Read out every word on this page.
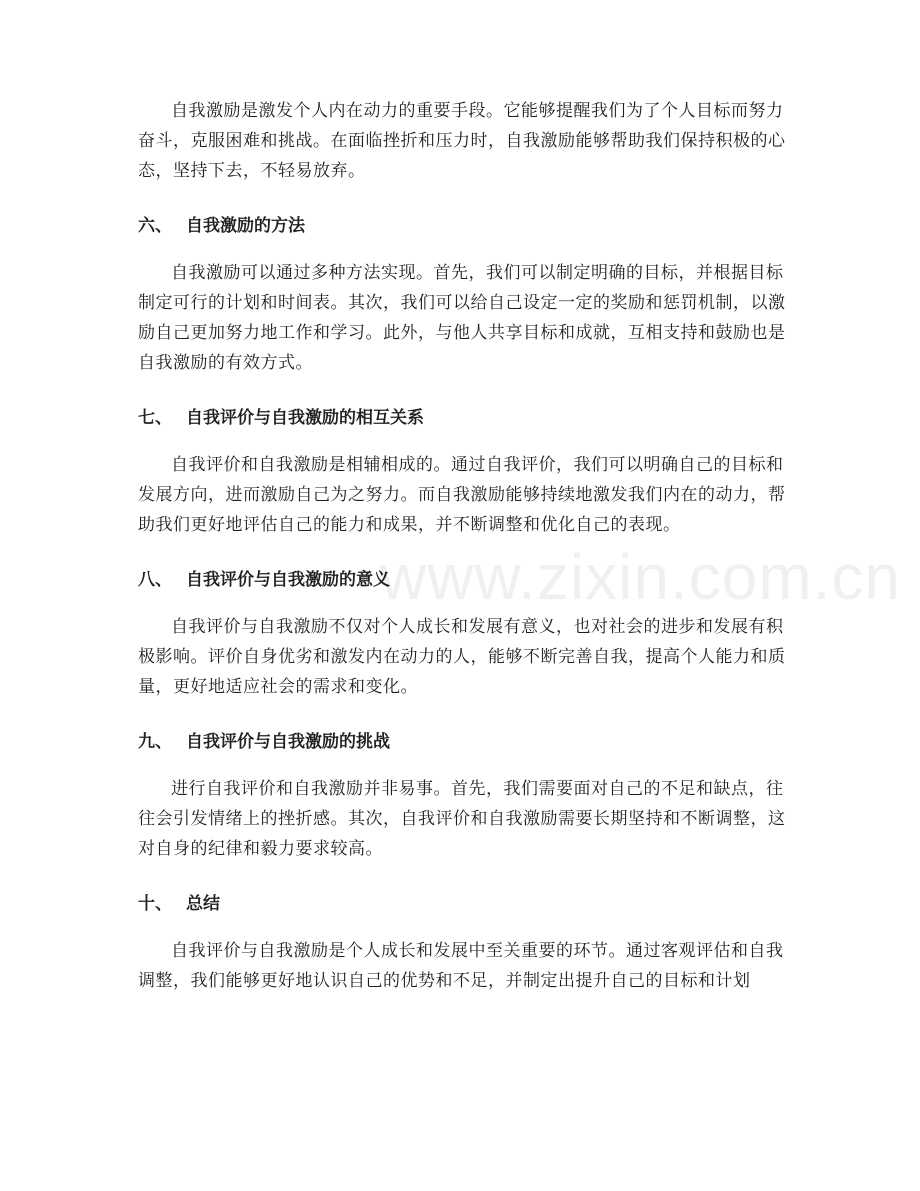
www.zixin.com.cn

自我激励是激发个人内在动力的重要手段。它能够提醒我们为了个人目标而努力奋斗，克服困难和挑战。在面临挫折和压力时，自我激励能够帮助我们保持积极的心态，坚持下去，不轻易放弃。

六、 自我激励的方法

自我激励可以通过多种方法实现。首先，我们可以制定明确的目标，并根据目标制定可行的计划和时间表。其次，我们可以给自己设定一定的奖励和惩罚机制，以激励自己更加努力地工作和学习。此外，与他人共享目标和成就，互相支持和鼓励也是自我激励的有效方式。

七、 自我评价与自我激励的相互关系

自我评价和自我激励是相辅相成的。通过自我评价，我们可以明确自己的目标和发展方向，进而激励自己为之努力。而自我激励能够持续地激发我们内在的动力，帮助我们更好地评估自己的能力和成果，并不断调整和优化自己的表现。

八、 自我评价与自我激励的意义

自我评价与自我激励不仅对个人成长和发展有意义，也对社会的进步和发展有积极影响。评价自身优劣和激发内在动力的人，能够不断完善自我，提高个人能力和质量，更好地适应社会的需求和变化。

九、 自我评价与自我激励的挑战

进行自我评价和自我激励并非易事。首先，我们需要面对自己的不足和缺点，往往会引发情绪上的挫折感。其次，自我评价和自我激励需要长期坚持和不断调整，这对自身的纪律和毅力要求较高。

十、 总结

自我评价与自我激励是个人成长和发展中至关重要的环节。通过客观评估和自我调整，我们能够更好地认识自己的优势和不足，并制定出提升自己的目标和计划
